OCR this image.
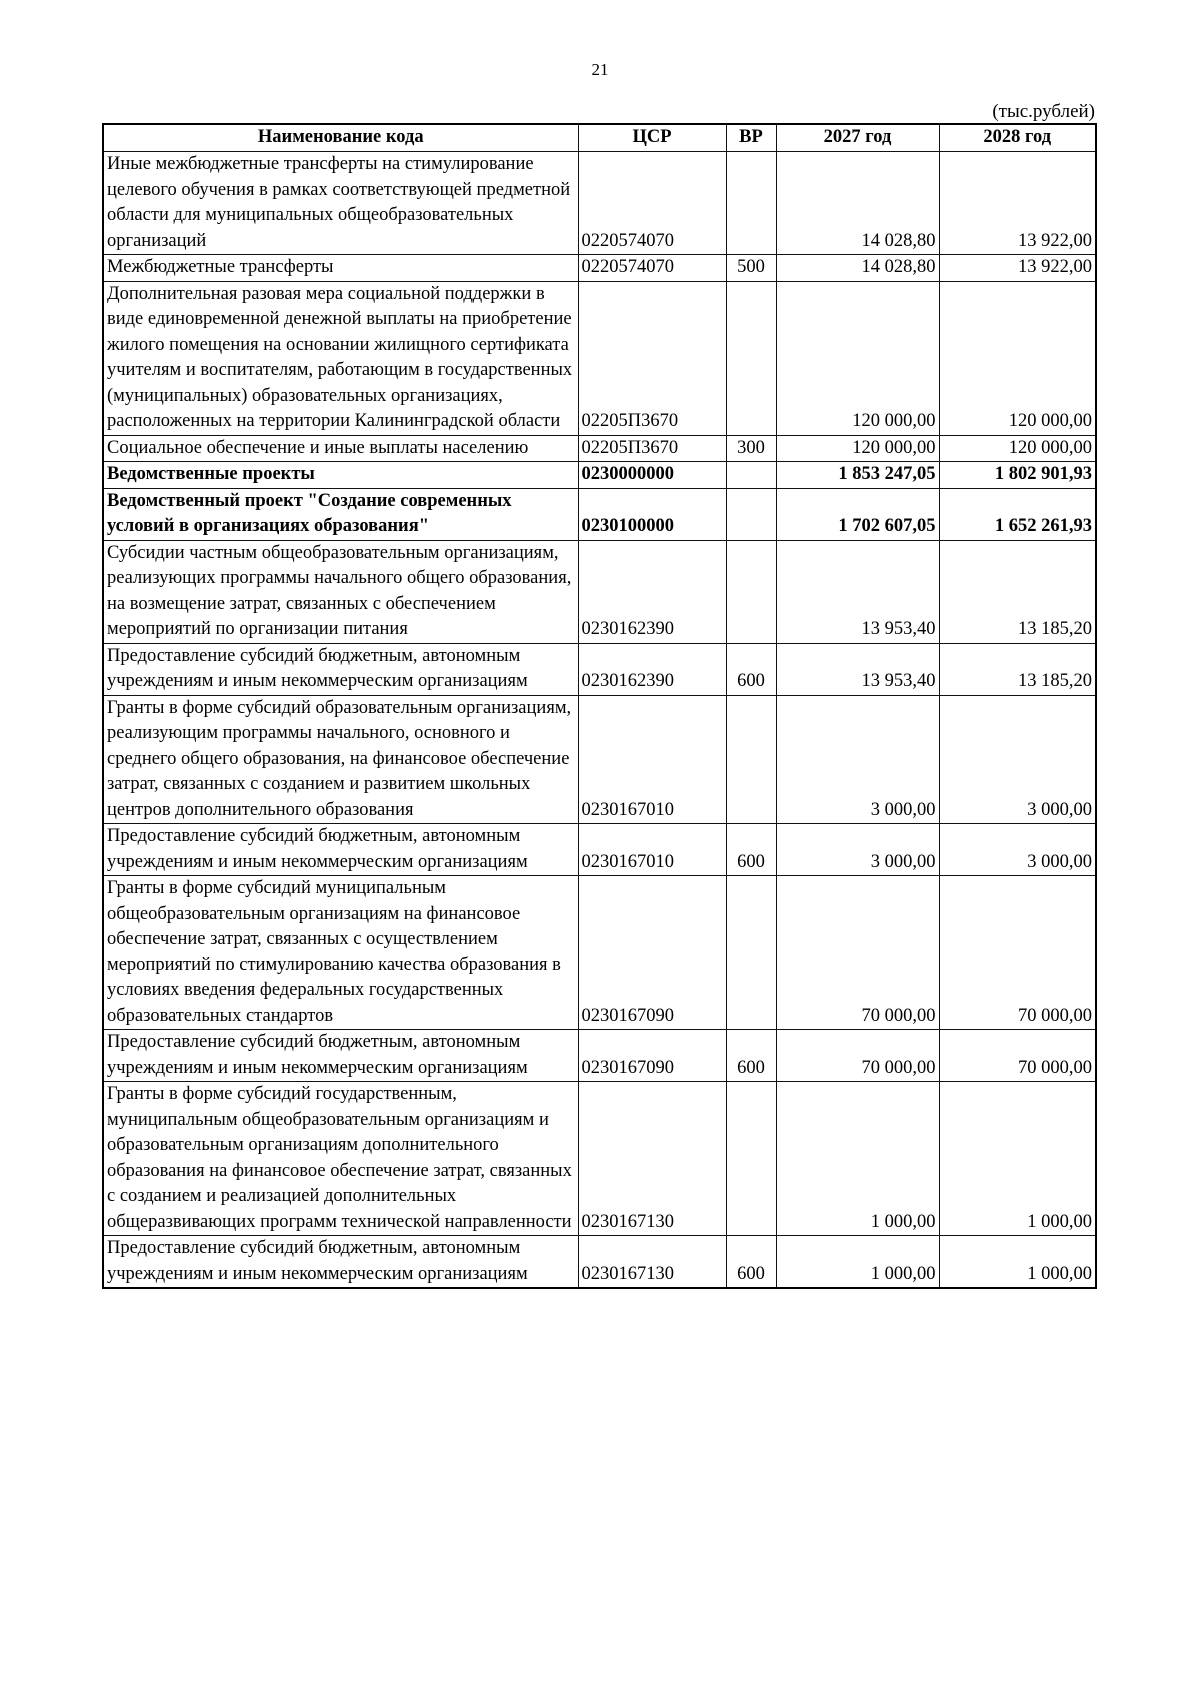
21
(тыс.рублей)
Наименование кода	ЦСР	ВР	2027 год	2028 год
Иные межбюджетные трансферты на стимулирование целевого обучения в рамках соответствующей предметной области для муниципальных общеобразовательных организаций	0220574070		14 028,80	13 922,00
Межбюджетные трансферты	0220574070	500	14 028,80	13 922,00
Дополнительная разовая мера социальной поддержки в виде единовременной денежной выплаты на приобретение жилого помещения на основании жилищного сертификата учителям и воспитателям, работающим в государственных (муниципальных) образовательных организациях, расположенных на территории Калининградской области	02205П3670		120 000,00	120 000,00
Социальное обеспечение и иные выплаты населению	02205П3670	300	120 000,00	120 000,00
Ведомственные проекты	0230000000		1 853 247,05	1 802 901,93
Ведомственный проект "Создание современных условий в организациях образования"	0230100000		1 702 607,05	1 652 261,93
Субсидии частным общеобразовательным организациям, реализующих программы начального общего образования, на возмещение затрат, связанных с обеспечением мероприятий по организации питания	0230162390		13 953,40	13 185,20
Предоставление субсидий бюджетным, автономным учреждениям и иным некоммерческим организациям	0230162390	600	13 953,40	13 185,20
Гранты в форме субсидий образовательным организациям, реализующим программы начального, основного и среднего общего образования, на финансовое обеспечение затрат, связанных с созданием и развитием школьных центров дополнительного образования	0230167010		3 000,00	3 000,00
Предоставление субсидий бюджетным, автономным учреждениям и иным некоммерческим организациям	0230167010	600	3 000,00	3 000,00
Гранты в форме субсидий муниципальным общеобразовательным организациям на финансовое обеспечение затрат, связанных с осуществлением мероприятий по стимулированию качества образования в условиях введения федеральных государственных образовательных стандартов	0230167090		70 000,00	70 000,00
Предоставление субсидий бюджетным, автономным учреждениям и иным некоммерческим организациям	0230167090	600	70 000,00	70 000,00
Гранты в форме субсидий государственным, муниципальным общеобразовательным организациям и образовательным организациям дополнительного образования на финансовое обеспечение затрат, связанных с созданием и реализацией дополнительных общеразвивающих программ технической направленности	0230167130		1 000,00	1 000,00
Предоставление субсидий бюджетным, автономным учреждениям и иным некоммерческим организациям	0230167130	600	1 000,00	1 000,00
